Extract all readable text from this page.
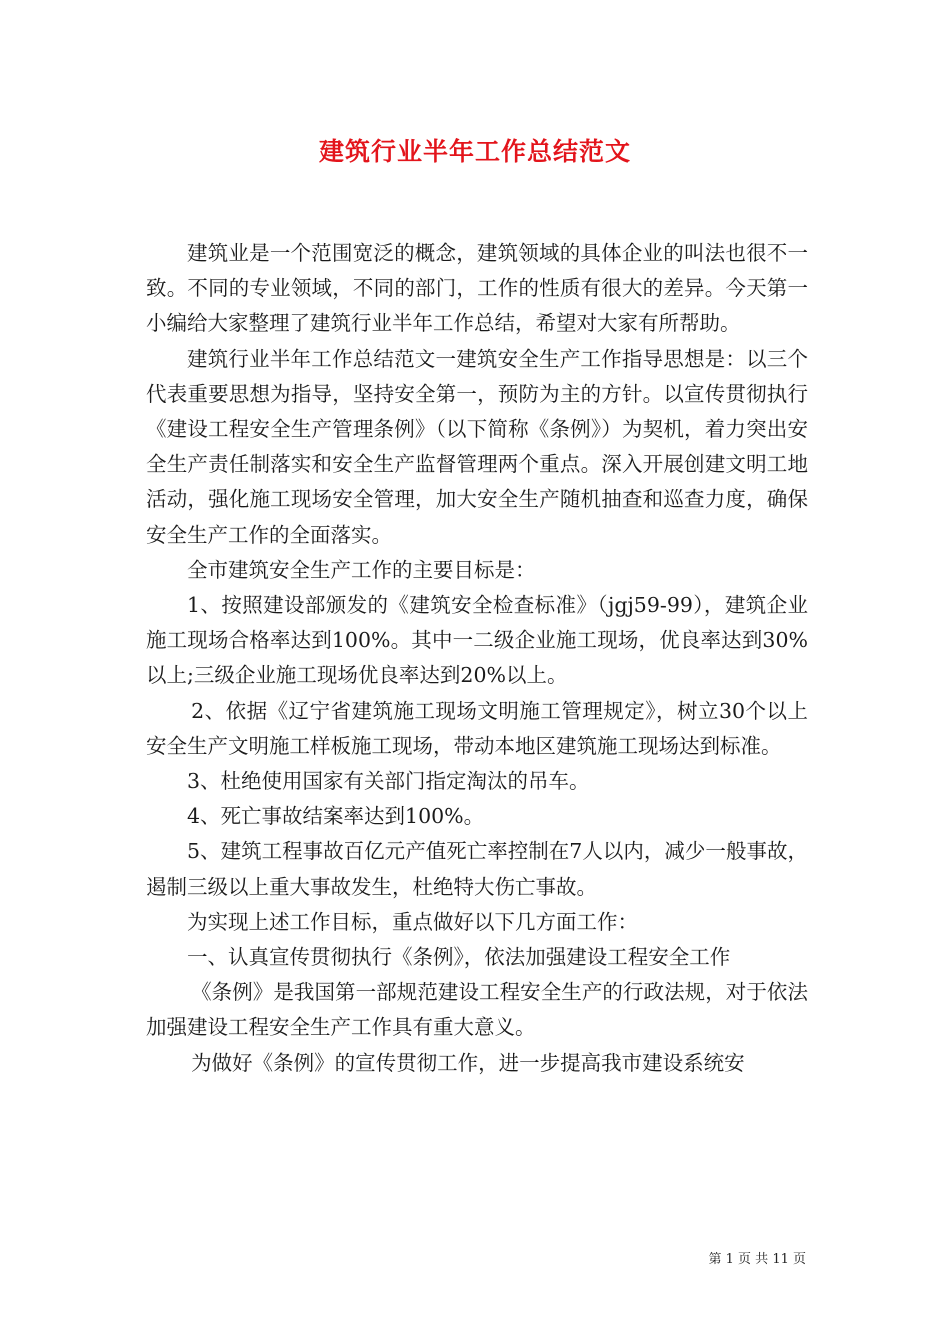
建筑行业半年工作总结范文

建筑业是一个范围宽泛的概念，建筑领域的具体企业的叫法也很不一致。不同的专业领域，不同的部门，工作的性质有很大的差异。今天第一小编给大家整理了建筑行业半年工作总结，希望对大家有所帮助。

建筑行业半年工作总结范文一建筑安全生产工作指导思想是：以三个代表重要思想为指导，坚持安全第一，预防为主的方针。以宣传贯彻执行《建设工程安全生产管理条例》（以下简称《条例》）为契机，着力突出安全生产责任制落实和安全生产监督管理两个重点。深入开展创建文明工地活动，强化施工现场安全管理，加大安全生产随机抽查和巡查力度，确保安全生产工作的全面落实。

全市建筑安全生产工作的主要目标是：

1、按照建设部颁发的《建筑安全检查标准》（jgj59-99），建筑企业施工现场合格率达到100%。其中一二级企业施工现场，优良率达到30%以上;三级企业施工现场优良率达到20%以上。

2、依据《辽宁省建筑施工现场文明施工管理规定》，树立30个以上安全生产文明施工样板施工现场，带动本地区建筑施工现场达到标准。

3、杜绝使用国家有关部门指定淘汰的吊车。

4、死亡事故结案率达到100%。

5、建筑工程事故百亿元产值死亡率控制在7人以内，减少一般事故，遏制三级以上重大事故发生，杜绝特大伤亡事故。

为实现上述工作目标，重点做好以下几方面工作：

一、认真宣传贯彻执行《条例》，依法加强建设工程安全工作

《条例》是我国第一部规范建设工程安全生产的行政法规，对于依法加强建设工程安全生产工作具有重大意义。

为做好《条例》的宣传贯彻工作，进一步提高我市建设系统安

第 1 页 共 11 页
